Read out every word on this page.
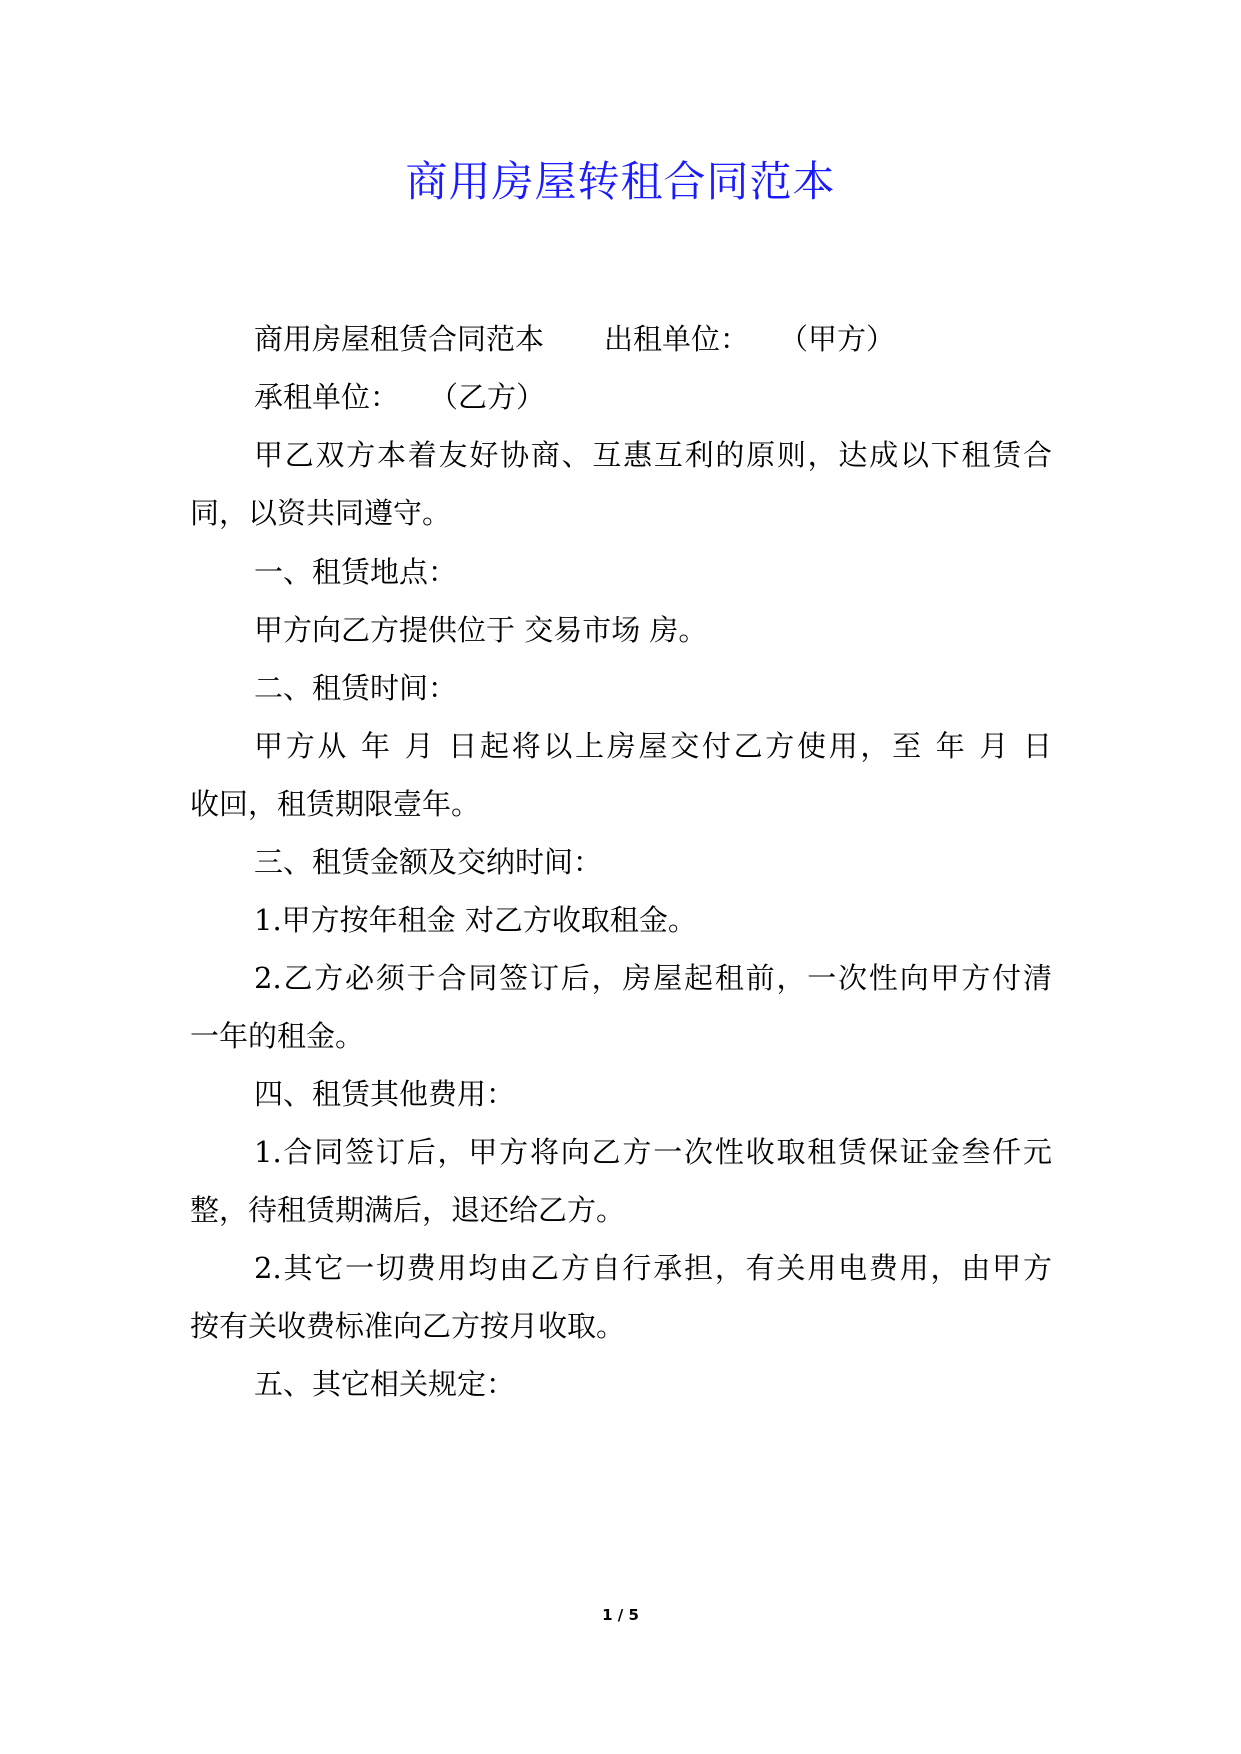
商用房屋转租合同范本
商用房屋租赁合同范本 出租单位： （甲方）
承租单位： （乙方）
甲乙双方本着友好协商、互惠互利的原则，达成以下租赁合
同，以资共同遵守。
一、租赁地点：
甲方向乙方提供位于 交易市场 房。
二、租赁时间：
甲方从 年 月 日起将以上房屋交付乙方使用，至 年 月 日
收回，租赁期限壹年。
三、租赁金额及交纳时间：
1.甲方按年租金 对乙方收取租金。
2.乙方必须于合同签订后，房屋起租前，一次性向甲方付清
一年的租金。
四、租赁其他费用：
1.合同签订后，甲方将向乙方一次性收取租赁保证金叁仟元
整，待租赁期满后，退还给乙方。
2.其它一切费用均由乙方自行承担，有关用电费用，由甲方
按有关收费标准向乙方按月收取。
五、其它相关规定：
1 / 5
